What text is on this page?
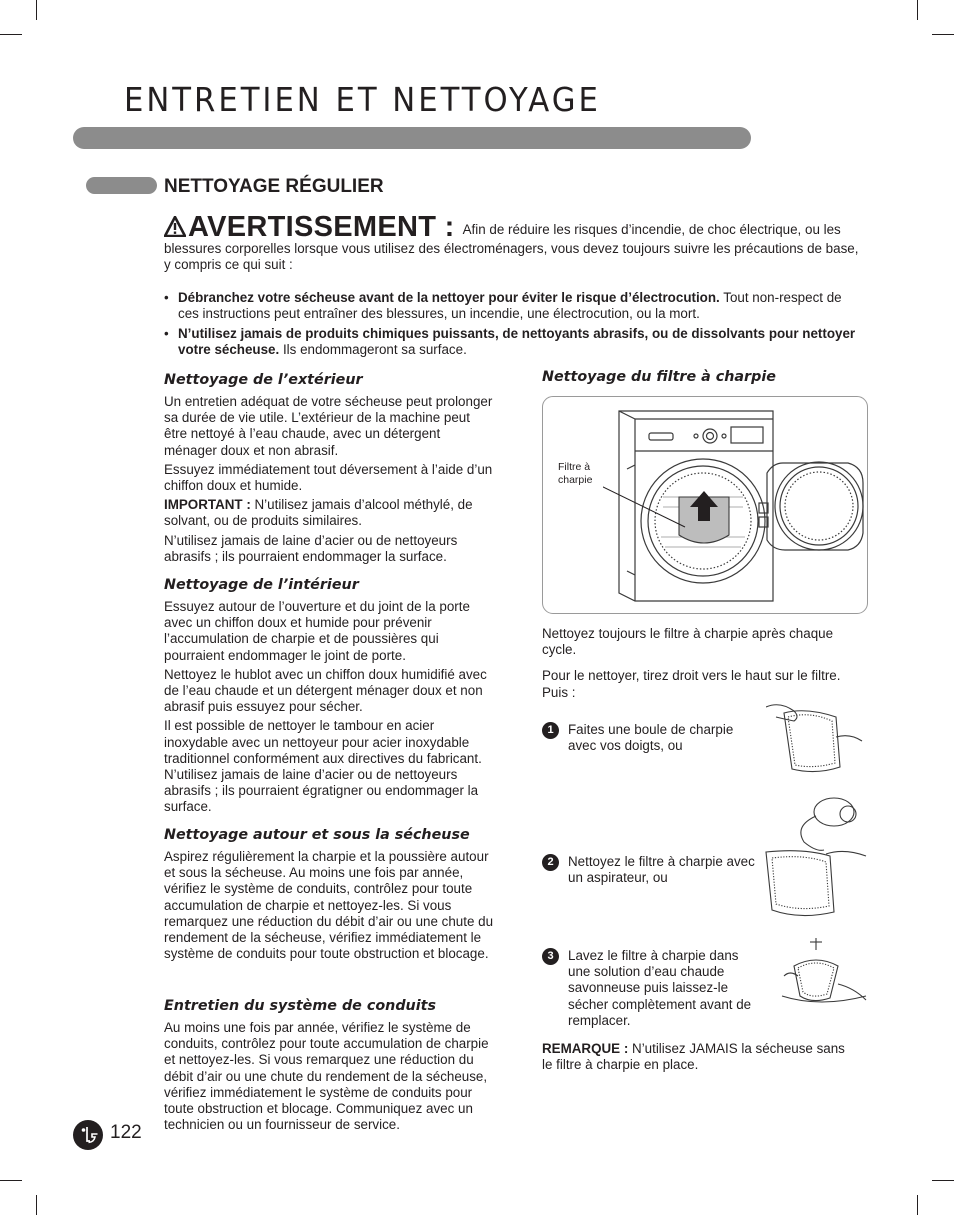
ENTRETIEN ET NETTOYAGE
NETTOYAGE RÉGULIER
AVERTISSEMENT : Afin de réduire les risques d’incendie, de choc électrique, ou les blessures corporelles lorsque vous utilisez des électroménagers, vous devez toujours suivre les précautions de base, y compris ce qui suit :
• Débranchez votre sécheuse avant de la nettoyer pour éviter le risque d’électrocution. Tout non-respect de ces instructions peut entraîner des blessures, un incendie, une électrocution, ou la mort.
• N’utilisez jamais de produits chimiques puissants, de nettoyants abrasifs, ou de dissolvants pour nettoyer votre sécheuse. Ils endommageront sa surface.
Nettoyage de l’extérieur

Un entretien adéquat de votre sécheuse peut prolonger sa durée de vie utile. L’extérieur de la machine peut être nettoyé à l’eau chaude, avec un détergent ménager doux et non abrasif.

Essuyez immédiatement tout déversement à l’aide d’un chiffon doux et humide.

IMPORTANT : N’utilisez jamais d’alcool méthylé, de solvant, ou de produits similaires.

N’utilisez jamais de laine d’acier ou de nettoyeurs abrasifs ; ils pourraient endommager la surface.

Nettoyage de l’intérieur

Essuyez autour de l’ouverture et du joint de la porte avec un chiffon doux et humide pour prévenir l’accumulation de charpie et de poussières qui pourraient endommager le joint de porte.

Nettoyez le hublot avec un chiffon doux humidifié avec de l’eau chaude et un détergent ménager doux et non abrasif puis essuyez pour sécher.

Il est possible de nettoyer le tambour en acier inoxydable avec un nettoyeur pour acier inoxydable traditionnel conformément aux directives du fabricant. N’utilisez jamais de laine d’acier ou de nettoyeurs abrasifs ; ils pourraient égratigner ou endommager la surface.

Nettoyage autour et sous la sécheuse

Aspirez régulièrement la charpie et la poussière autour et sous la sécheuse. Au moins une fois par année, vérifiez le système de conduits, contrôlez pour toute accumulation de charpie et nettoyez-les. Si vous remarquez une réduction du débit d’air ou une chute du rendement de la sécheuse, vérifiez immédiatement le système de conduits pour toute obstruction et blocage.

Entretien du système de conduits

Au moins une fois par année, vérifiez le système de conduits, contrôlez pour toute accumulation de charpie et nettoyez-les. Si vous remarquez une réduction du débit d’air ou une chute du rendement de la sécheuse, vérifiez immédiatement le système de conduits pour toute obstruction et blocage. Communiquez avec un technicien ou un fournisseur de service.

Nettoyage du filtre à charpie
Filtre à charpie

Nettoyez toujours le filtre à charpie après chaque cycle.

Pour le nettoyer, tirez droit vers le haut sur le filtre. Puis :

1	Faites une boule de charpie avec vos doigts, ou
2	Nettoyez le filtre à charpie avec un aspirateur, ou
3	Lavez le filtre à charpie dans une solution d’eau chaude savonneuse puis laissez-le sécher complètement avant de remplacer.
REMARQUE : N’utilisez JAMAIS la sécheuse sans le filtre à charpie en place.
122
